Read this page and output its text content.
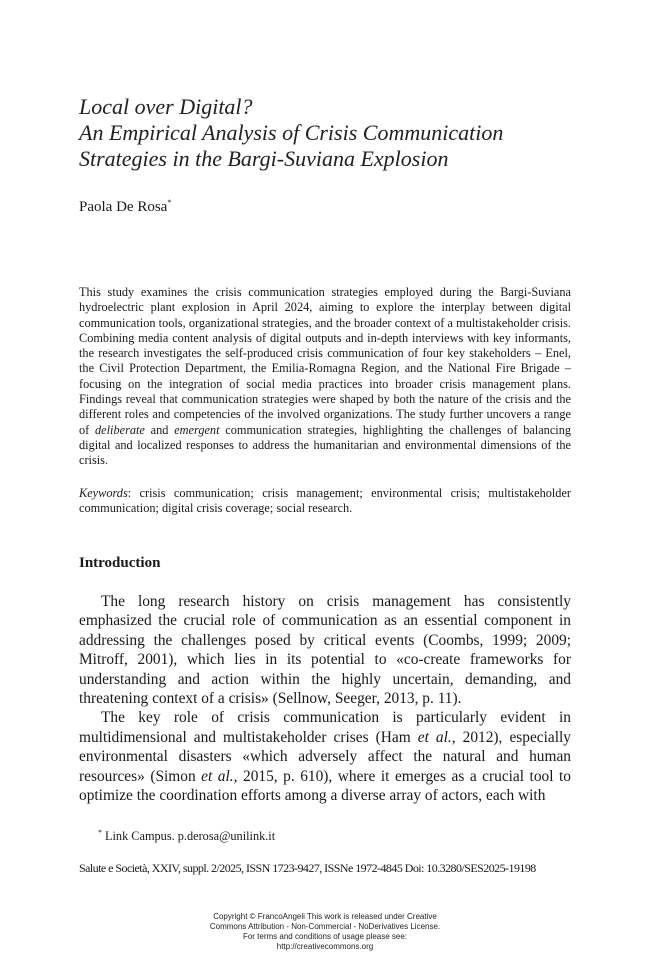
Local over Digital?
An Empirical Analysis of Crisis Communication
Strategies in the Bargi-Suviana Explosion
Paola De Rosa*
This study examines the crisis communication strategies employed during the Bargi-Suviana hydroelectric plant explosion in April 2024, aiming to explore the interplay between digital communication tools, organizational strategies, and the broader context of a multistakeholder crisis. Combining media content analysis of digital outputs and in-depth interviews with key informants, the research investigates the self-produced crisis communication of four key stakeholders – Enel, the Civil Protection Department, the Emilia-Romagna Region, and the National Fire Brigade – focusing on the integration of social media practices into broader crisis management plans. Findings reveal that communication strategies were shaped by both the nature of the crisis and the different roles and competencies of the involved organizations. The study further uncovers a range of deliberate and emergent communication strategies, highlighting the challenges of balancing digital and localized responses to address the humanitarian and environmental dimensions of the crisis.
Keywords: crisis communication; crisis management; environmental crisis; multistakeholder communication; digital crisis coverage; social research.
Introduction

The long research history on crisis management has consistently emphasized the crucial role of communication as an essential component in addressing the challenges posed by critical events (Coombs, 1999; 2009; Mitroff, 2001), which lies in its potential to «co-create frameworks for understanding and action within the highly uncertain, demanding, and threatening context of a crisis» (Sellnow, Seeger, 2013, p. 11).

The key role of crisis communication is particularly evident in multidimensional and multistakeholder crises (Ham et al., 2012), especially environmental disasters «which adversely affect the natural and human resources» (Simon et al., 2015, p. 610), where it emerges as a crucial tool to optimize the coordination efforts among a diverse array of actors, each with

* Link Campus. p.derosa@unilink.it
Salute e Società, XXIV, suppl. 2/2025, ISSN 1723-9427, ISSNe 1972-4845 Doi: 10.3280/SES2025-19198
Copyright © FrancoAngeli This work is released under Creative
Commons Attribution - Non-Commercial - NoDerivatives License.
For terms and conditions of usage please see:
http://creativecommons.org
